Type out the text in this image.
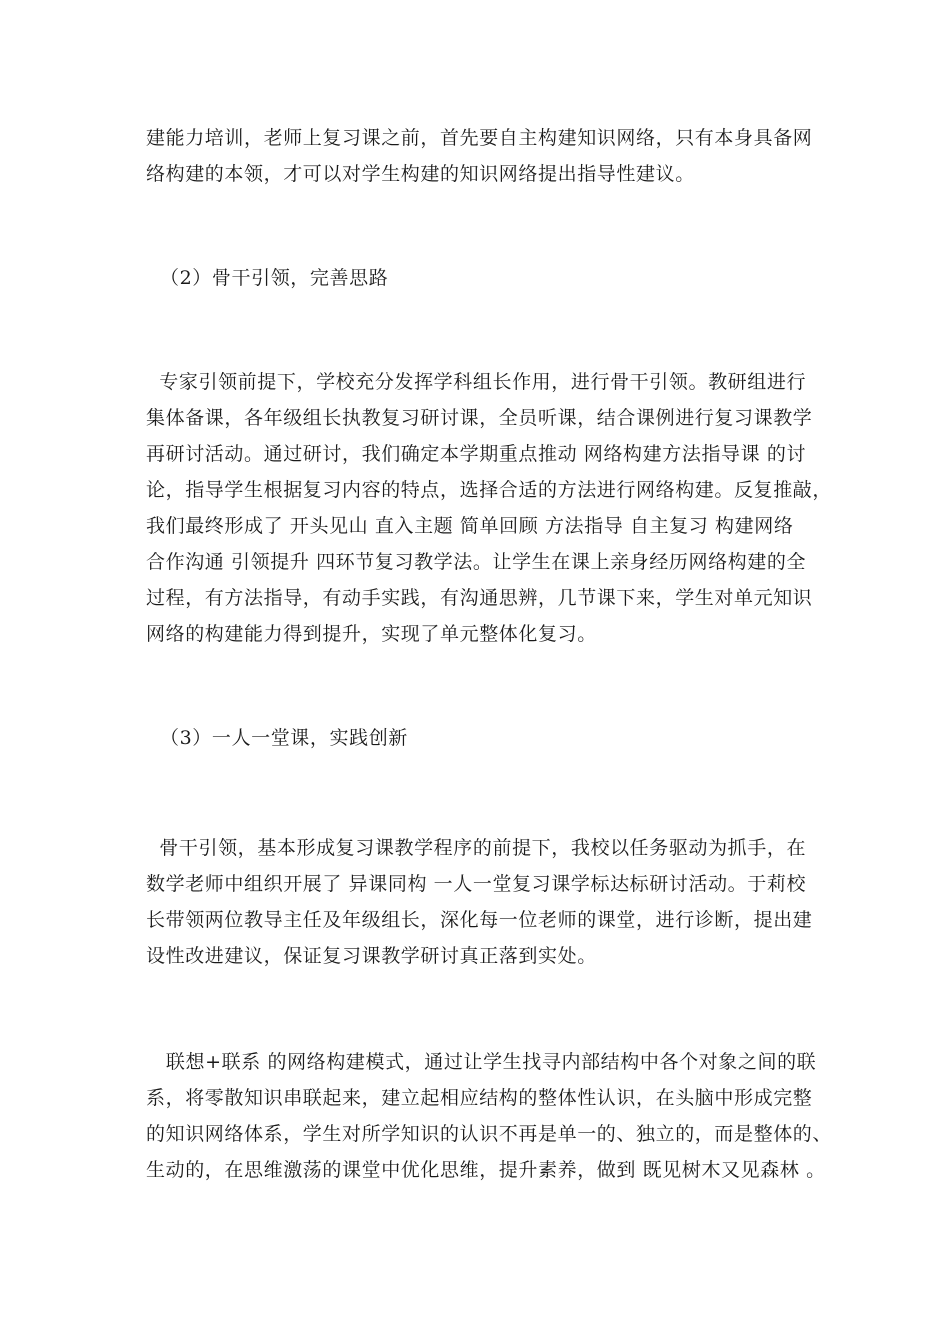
建能力培训，老师上复习课之前，首先要自主构建知识网络，只有本身具备网
络构建的本领，才可以对学生构建的知识网络提出指导性建议。
（2）骨干引领，完善思路
专家引领前提下，学校充分发挥学科组长作用，进行骨干引领。教研组进行
集体备课，各年级组长执教复习研讨课，全员听课，结合课例进行复习课教学
再研讨活动。通过研讨，我们确定本学期重点推动 网络构建方法指导课 的讨
论，指导学生根据复习内容的特点，选择合适的方法进行网络构建。反复推敲，
我们最终形成了 开头见山 直入主题 简单回顾 方法指导 自主复习 构建网络
合作沟通 引领提升 四环节复习教学法。让学生在课上亲身经历网络构建的全
过程，有方法指导，有动手实践，有沟通思辨，几节课下来，学生对单元知识
网络的构建能力得到提升，实现了单元整体化复习。
（3）一人一堂课，实践创新
骨干引领，基本形成复习课教学程序的前提下，我校以任务驱动为抓手，在
数学老师中组织开展了 异课同构 一人一堂复习课学标达标研讨活动。于莉校
长带领两位教导主任及年级组长，深化每一位老师的课堂，进行诊断，提出建
设性改进建议，保证复习课教学研讨真正落到实处。
联想+联系 的网络构建模式，通过让学生找寻内部结构中各个对象之间的联
系，将零散知识串联起来，建立起相应结构的整体性认识，在头脑中形成完整
的知识网络体系，学生对所学知识的认识不再是单一的、独立的，而是整体的、
生动的，在思维激荡的课堂中优化思维，提升素养，做到 既见树木又见森林 。
